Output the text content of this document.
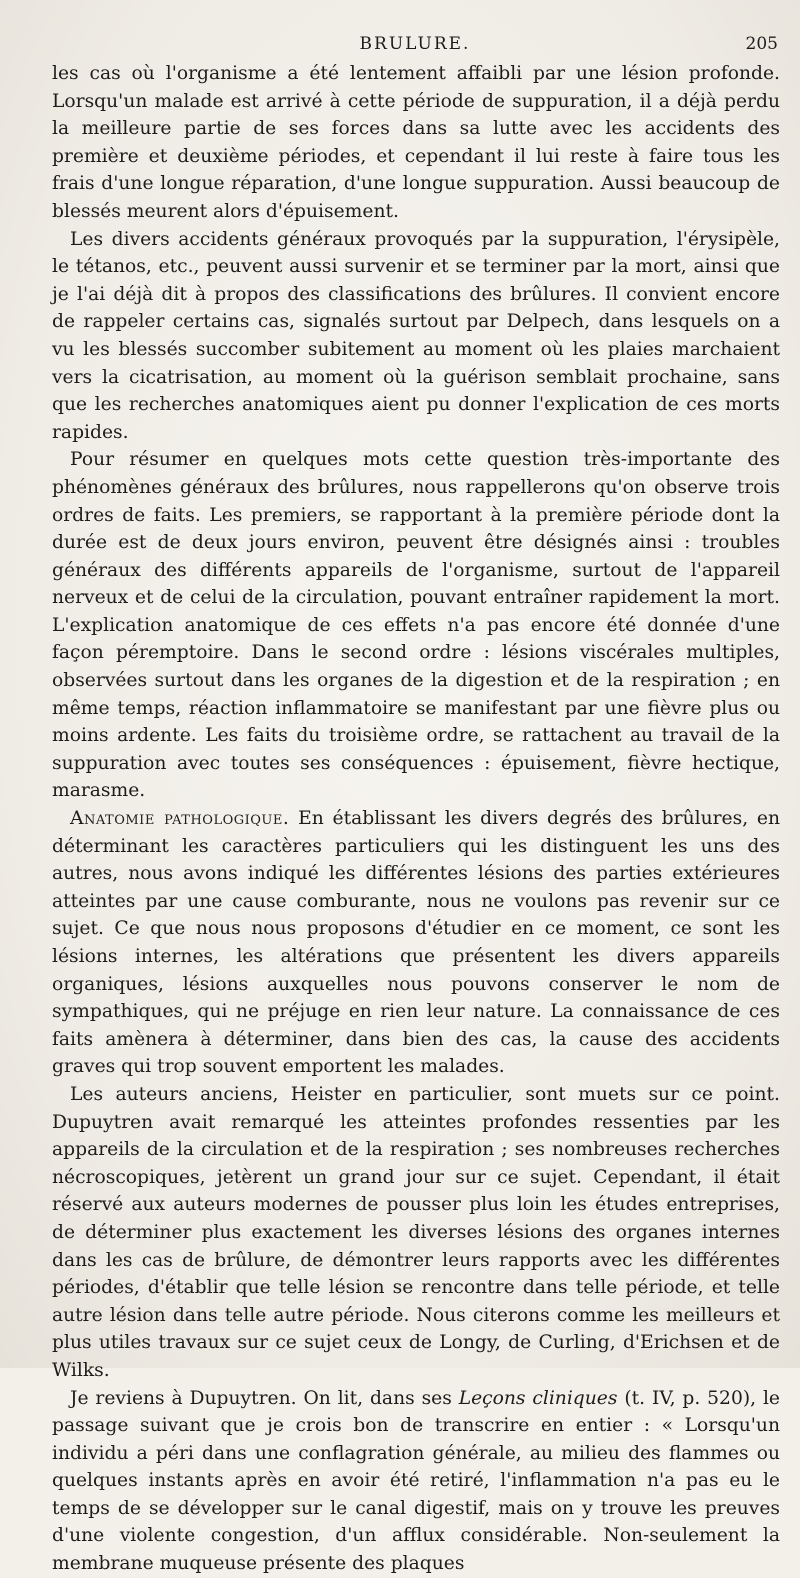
BRULURE.	205

les cas où l'organisme a été lentement affaibli par une lésion profonde. Lorsqu'un malade est arrivé à cette période de suppuration, il a déjà perdu la meilleure partie de ses forces dans sa lutte avec les accidents des première et deuxième périodes, et cependant il lui reste à faire tous les frais d'une longue réparation, d'une longue suppuration. Aussi beaucoup de blessés meurent alors d'épuisement.

Les divers accidents généraux provoqués par la suppuration, l'érysipèle, le tétanos, etc., peuvent aussi survenir et se terminer par la mort, ainsi que je l'ai déjà dit à propos des classifications des brûlures. Il convient encore de rappeler certains cas, signalés surtout par Delpech, dans lesquels on a vu les blessés succomber subitement au moment où les plaies marchaient vers la cicatrisation, au moment où la guérison semblait prochaine, sans que les recherches anatomiques aient pu donner l'explication de ces morts rapides.

Pour résumer en quelques mots cette question très-importante des phénomènes généraux des brûlures, nous rappellerons qu'on observe trois ordres de faits. Les premiers, se rapportant à la première période dont la durée est de deux jours environ, peuvent être désignés ainsi : troubles généraux des différents appareils de l'organisme, surtout de l'appareil nerveux et de celui de la circulation, pouvant entraîner rapidement la mort. L'explication anatomique de ces effets n'a pas encore été donnée d'une façon péremptoire. Dans le second ordre : lésions viscérales multiples, observées surtout dans les organes de la digestion et de la respiration ; en même temps, réaction inflammatoire se manifestant par une fièvre plus ou moins ardente. Les faits du troisième ordre, se rattachent au travail de la suppuration avec toutes ses conséquences : épuisement, fièvre hectique, marasme.

Anatomie pathologique. En établissant les divers degrés des brûlures, en déterminant les caractères particuliers qui les distinguent les uns des autres, nous avons indiqué les différentes lésions des parties extérieures atteintes par une cause comburante, nous ne voulons pas revenir sur ce sujet. Ce que nous nous proposons d'étudier en ce moment, ce sont les lésions internes, les altérations que présentent les divers appareils organiques, lésions auxquelles nous pouvons conserver le nom de sympathiques, qui ne préjuge en rien leur nature. La connaissance de ces faits amènera à déterminer, dans bien des cas, la cause des accidents graves qui trop souvent emportent les malades.

Les auteurs anciens, Heister en particulier, sont muets sur ce point. Dupuytren avait remarqué les atteintes profondes ressenties par les appareils de la circulation et de la respiration ; ses nombreuses recherches nécroscopiques, jetèrent un grand jour sur ce sujet. Cependant, il était réservé aux auteurs modernes de pousser plus loin les études entreprises, de déterminer plus exactement les diverses lésions des organes internes dans les cas de brûlure, de démontrer leurs rapports avec les différentes périodes, d'établir que telle lésion se rencontre dans telle période, et telle autre lésion dans telle autre période. Nous citerons comme les meilleurs et plus utiles travaux sur ce sujet ceux de Longy, de Curling, d'Erichsen et de Wilks.

Je reviens à Dupuytren. On lit, dans ses Leçons cliniques (t. IV, p. 520), le passage suivant que je crois bon de transcrire en entier : « Lorsqu'un individu a péri dans une conflagration générale, au milieu des flammes ou quelques instants après en avoir été retiré, l'inflammation n'a pas eu le temps de se développer sur le canal digestif, mais on y trouve les preuves d'une violente congestion, d'un afflux considérable. Non-seulement la membrane muqueuse présente des plaques
